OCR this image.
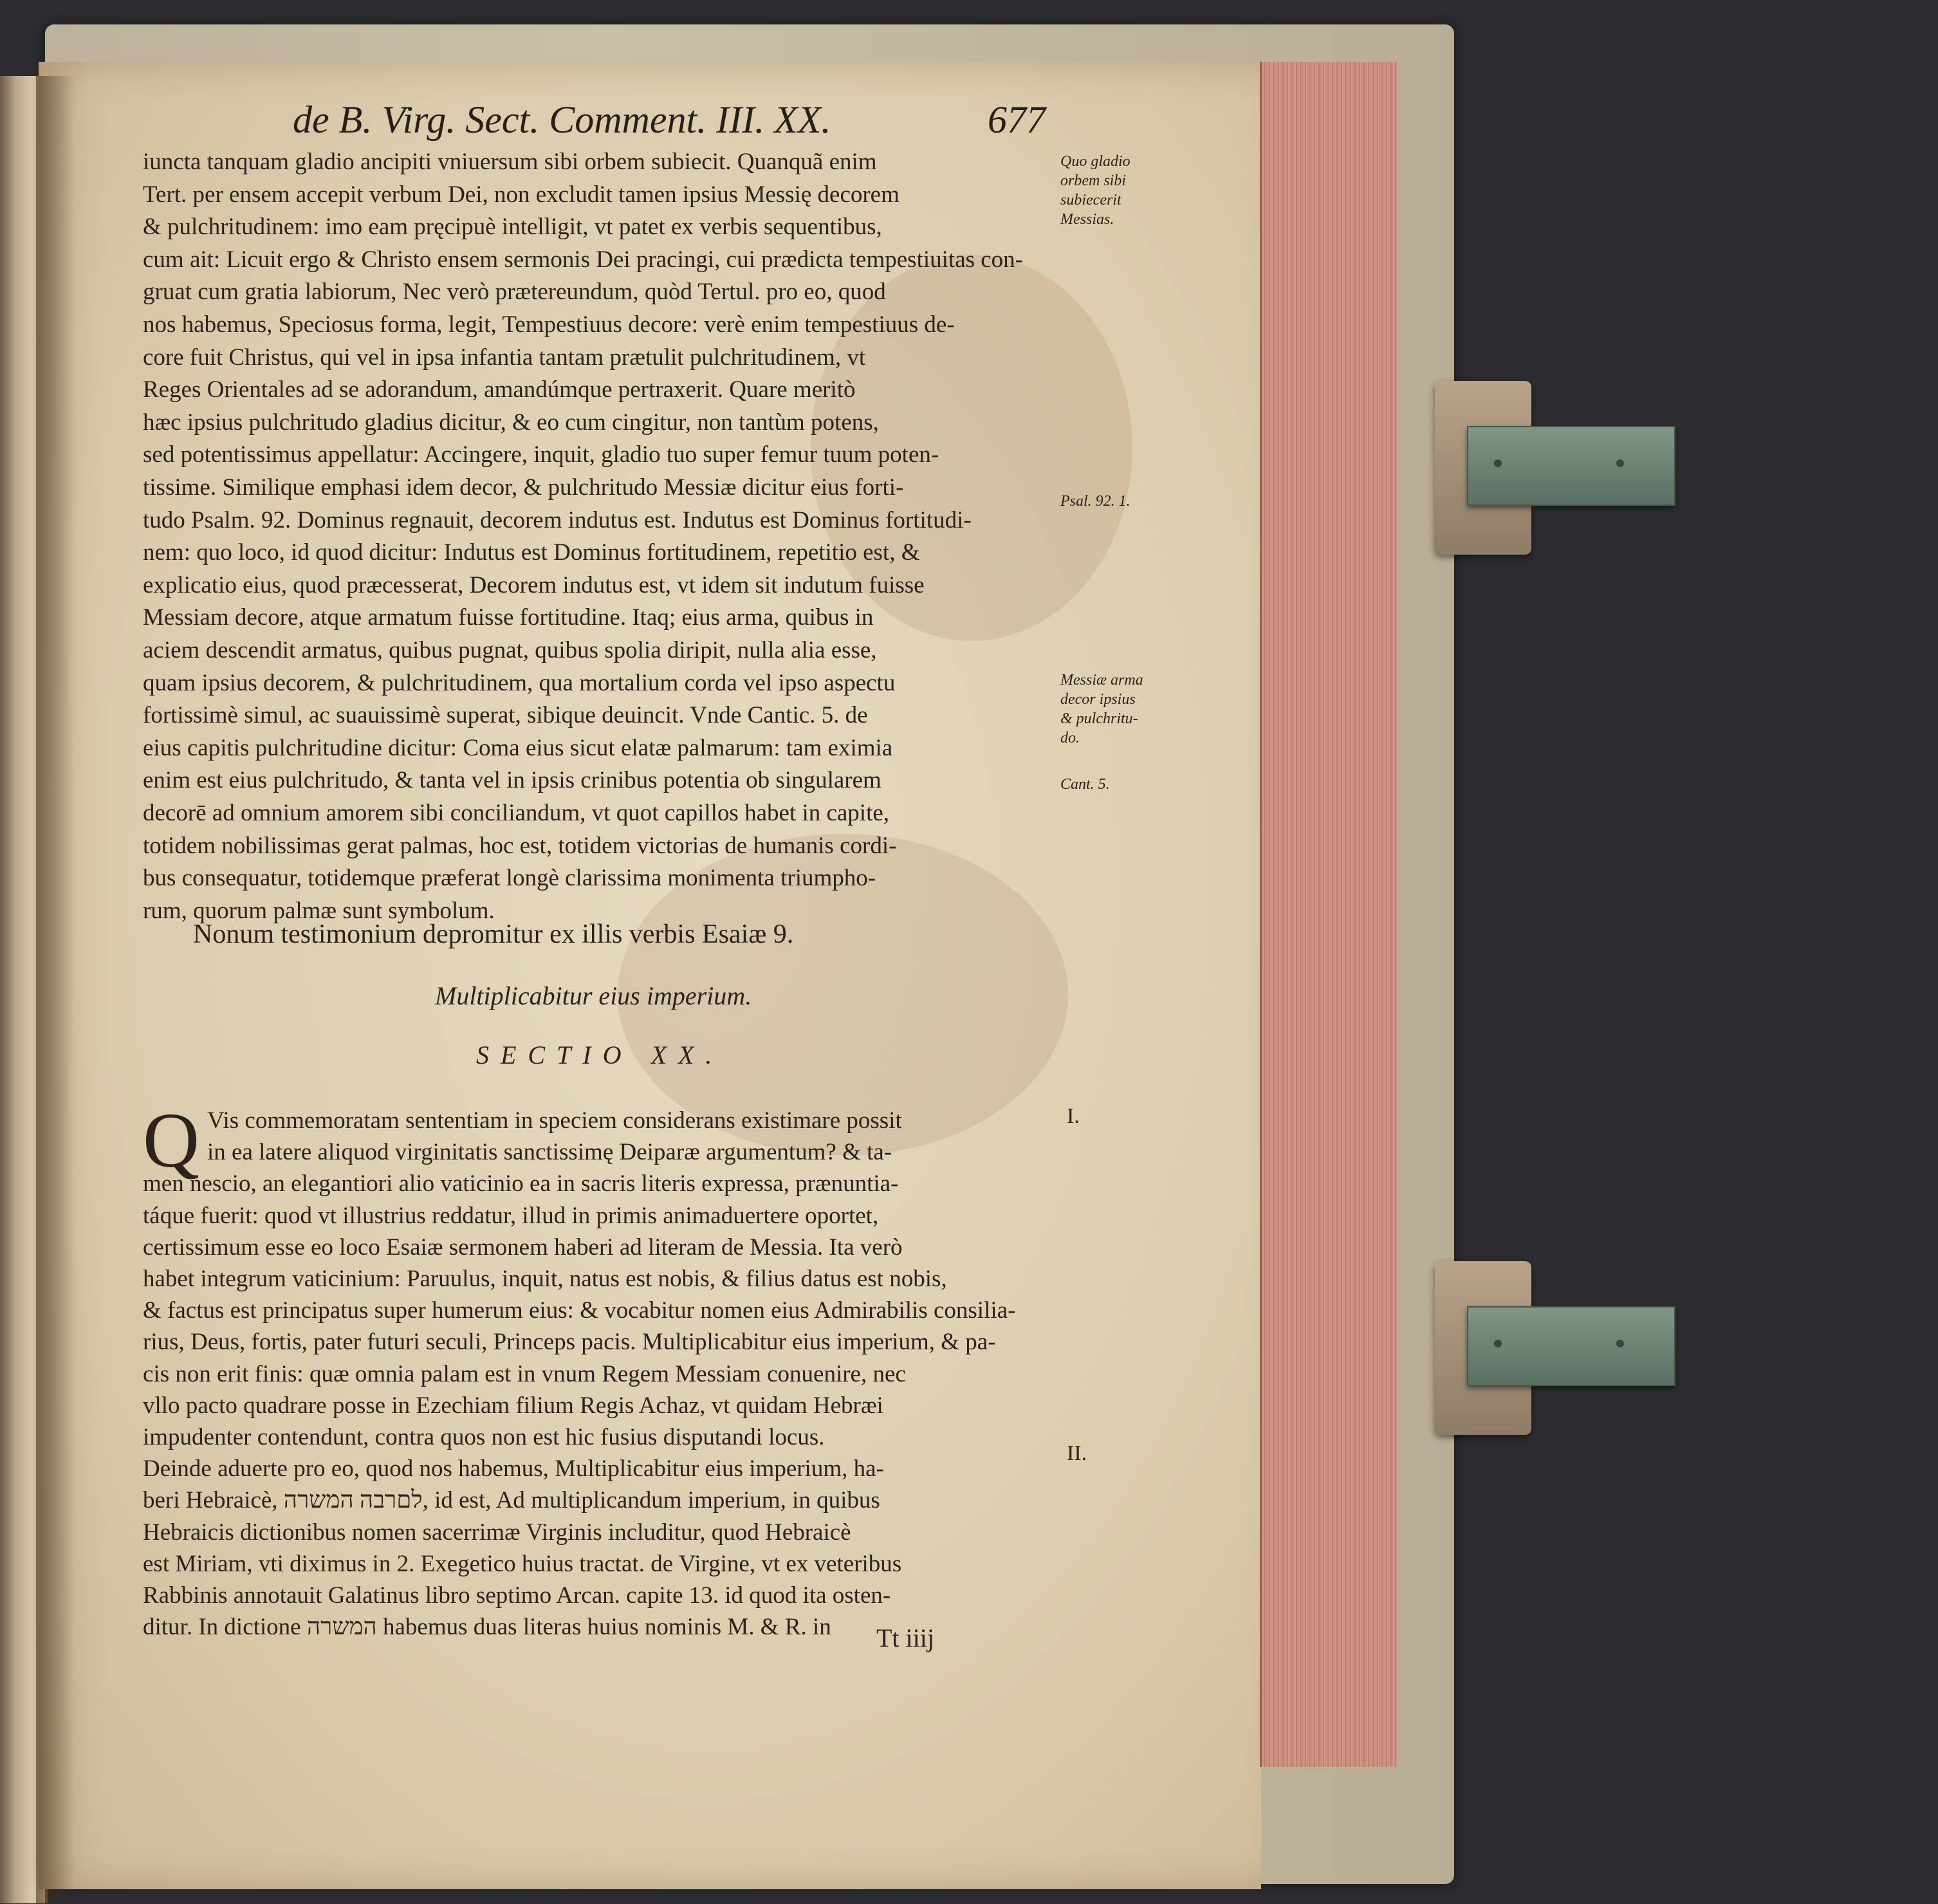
de B. Virg. Sect. Comment. III. XX.	677
iuncta tanquam gladio ancipiti vniuersum sibi orbem subiecit. Quanquã enim
Tert. per ensem accepit verbum Dei, non excludit tamen ipsius Messię decorem
& pulchritudinem: imo eam pręcipuè intelligit, vt patet ex verbis sequentibus,
cum ait: Licuit ergo & Christo ensem sermonis Dei pracingi, cui prædicta tempestiuitas con-
gruat cum gratia labiorum, Nec verò prætereundum, quòd Tertul. pro eo, quod
nos habemus, Speciosus forma, legit, Tempestiuus decore: verè enim tempestiuus de-
core fuit Christus, qui vel in ipsa infantia tantam prætulit pulchritudinem, vt
Reges Orientales ad se adorandum, amandúmque pertraxerit. Quare meritò
hæc ipsius pulchritudo gladius dicitur, & eo cum cingitur, non tantùm potens,
sed potentissimus appellatur: Accingere, inquit, gladio tuo super femur tuum poten-
tissime. Similique emphasi idem decor, & pulchritudo Messiæ dicitur eius forti-
tudo Psalm. 92. Dominus regnauit, decorem indutus est. Indutus est Dominus fortitudi-
nem: quo loco, id quod dicitur: Indutus est Dominus fortitudinem, repetitio est, &
explicatio eius, quod præcesserat, Decorem indutus est, vt idem sit indutum fuisse
Messiam decore, atque armatum fuisse fortitudine. Itaq; eius arma, quibus in
aciem descendit armatus, quibus pugnat, quibus spolia diripit, nulla alia esse,
quam ipsius decorem, & pulchritudinem, qua mortalium corda vel ipso aspectu
fortissimè simul, ac suauissimè superat, sibique deuincit. Vnde Cantic. 5. de
eius capitis pulchritudine dicitur: Coma eius sicut elatæ palmarum: tam eximia
enim est eius pulchritudo, & tanta vel in ipsis crinibus potentia ob singularem
decorē ad omnium amorem sibi conciliandum, vt quot capillos habet in capite,
totidem nobilissimas gerat palmas, hoc est, totidem victorias de humanis cordi-
bus consequatur, totidemque præferat longè clarissima monimenta triumpho-
rum, quorum palmæ sunt symbolum.
Quo gladio
orbem sibi
subiecerit
Messias.
Psal. 92. 1.
Messiæ arma
decor ipsius
& pulchritu-
do.
Cant. 5.
Nonum testimonium depromitur ex illis verbis Esaiæ 9.
Multiplicabitur eius imperium.
SECTIO XX.
Q Vis commemoratam sententiam in speciem considerans existimare possit
in ea latere aliquod virginitatis sanctissimę Deiparæ argumentum? & ta-
men nescio, an elegantiori alio vaticinio ea in sacris literis expressa, prænuntia-
táque fuerit: quod vt illustrius reddatur, illud in primis animaduertere oportet,
certissimum esse eo loco Esaiæ sermonem haberi ad literam de Messia. Ita verò
habet integrum vaticinium: Paruulus, inquit, natus est nobis, & filius datus est nobis,
& factus est principatus super humerum eius: & vocabitur nomen eius Admirabilis consilia-
rius, Deus, fortis, pater futuri seculi, Princeps pacis. Multiplicabitur eius imperium, & pa-
cis non erit finis: quæ omnia palam est in vnum Regem Messiam conuenire, nec
vllo pacto quadrare posse in Ezechiam filium Regis Achaz, vt quidam Hebræi
impudenter contendunt, contra quos non est hic fusius disputandi locus.
Deinde aduerte pro eo, quod nos habemus, Multiplicabitur eius imperium, ha-
beri Hebraicè, לםרבה המשרה, id est, Ad multiplicandum imperium, in quibus
Hebraicis dictionibus nomen sacerrimæ Virginis includitur, quod Hebraicè
est Miriam, vti diximus in 2. Exegetico huius tractat. de Virgine, vt ex veteribus
Rabbinis annotauit Galatinus libro septimo Arcan. capite 13. id quod ita osten-
ditur. In dictione המשרה habemus duas literas huius nominis M. & R. in
I.
II.
Tt iiij
